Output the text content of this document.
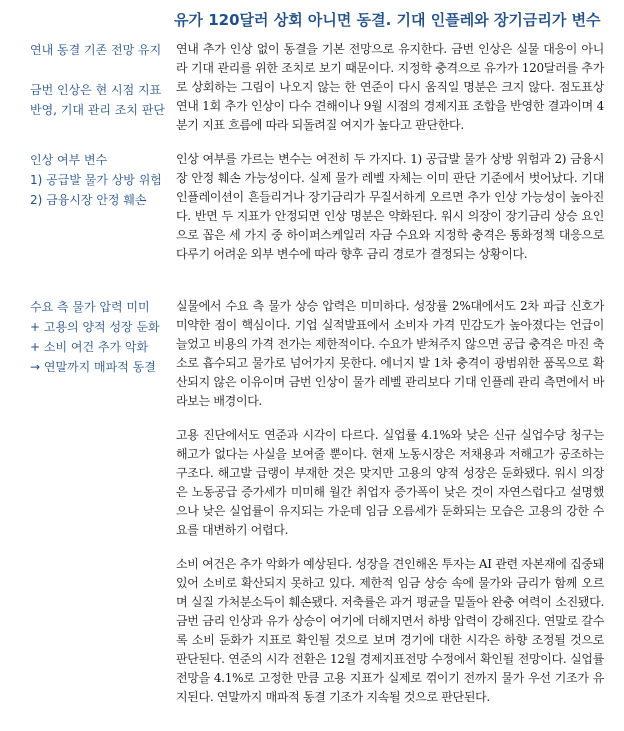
유가 120달러 상회 아니면 동결. 기대 인플레와 장기금리가 변수

연내 동결 기존 전망 유지

금번 인상은 현 시점 지표
반영, 기대 관리 조치 판단

연내 추가 인상 없이 동결을 기본 전망으로 유지한다. 금번 인상은 실물 대응이 아니라 기대 관리를 위한 조치로 보기 때문이다. 지정학 충격으로 유가가 120달러를 추가로 상회하는 그림이 나오지 않는 한 연준이 다시 움직일 명분은 크지 않다. 점도표상 연내 1회 추가 인상이 다수 견해이나 9월 시점의 경제지표 조합을 반영한 결과이며 4분기 지표 흐름에 따라 되돌려질 여지가 높다고 판단한다.

인상 여부 변수
1) 공급발 물가 상방 위험
2) 금융시장 안정 훼손

인상 여부를 가르는 변수는 여전히 두 가지다. 1) 공급발 물가 상방 위험과 2) 금융시장 안정 훼손 가능성이다. 실제 물가 레벨 자체는 이미 판단 기준에서 벗어났다. 기대 인플레이션이 흔들리거나 장기금리가 무질서하게 오르면 추가 인상 가능성이 높아진다. 반면 두 지표가 안정되면 인상 명분은 약화된다. 워시 의장이 장기금리 상승 요인으로 꼽은 세 가지 중 하이퍼스케일러 자금 수요와 지정학 충격은 통화정책 대응으로 다루기 어려운 외부 변수에 따라 향후 금리 경로가 결정되는 상황이다.

수요 측 물가 압력 미미
+ 고용의 양적 성장 둔화
+ 소비 여건 추가 악화
→ 연말까지 매파적 동결

실물에서 수요 측 물가 상승 압력은 미미하다. 성장률 2%대에서도 2차 파급 신호가 미약한 점이 핵심이다. 기업 실적발표에서 소비자 가격 민감도가 높아졌다는 언급이 늘었고 비용의 가격 전가는 제한적이다. 수요가 받쳐주지 않으면 공급 충격은 마진 축소로 흡수되고 물가로 넘어가지 못한다. 에너지 발 1차 충격이 광범위한 품목으로 확산되지 않은 이유이며 금번 인상이 물가 레벨 관리보다 기대 인플레 관리 측면에서 바라보는 배경이다.

고용 진단에서도 연준과 시각이 다르다. 실업률 4.1%와 낮은 신규 실업수당 청구는 해고가 없다는 사실을 보여줄 뿐이다. 현재 노동시장은 저채용과 저해고가 공조하는 구조다. 해고발 급랭이 부재한 것은 맞지만 고용의 양적 성장은 둔화됐다. 워시 의장은 노동공급 증가세가 미미해 월간 취업자 증가폭이 낮은 것이 자연스럽다고 설명했으나 낮은 실업률이 유지되는 가운데 임금 오름세가 둔화되는 모습은 고용의 강한 수요를 대변하기 어렵다.

소비 여건은 추가 악화가 예상된다. 성장을 견인해온 투자는 AI 관련 자본재에 집중돼있어 소비로 확산되지 못하고 있다. 제한적 임금 상승 속에 물가와 금리가 함께 오르며 실질 가처분소득이 훼손됐다. 저축률은 과거 평균을 밑돌아 완충 여력이 소진됐다. 금번 금리 인상과 유가 상승이 여기에 더해지면서 하방 압력이 강해진다. 연말로 갈수록 소비 둔화가 지표로 확인될 것으로 보며 경기에 대한 시각은 하향 조정될 것으로 판단된다. 연준의 시각 전환은 12월 경제지표전망 수정에서 확인될 전망이다. 실업률 전망을 4.1%로 고정한 만큼 고용 지표가 실제로 꺾이기 전까지 물가 우선 기조가 유지된다. 연말까지 매파적 동결 기조가 지속될 것으로 판단된다.
